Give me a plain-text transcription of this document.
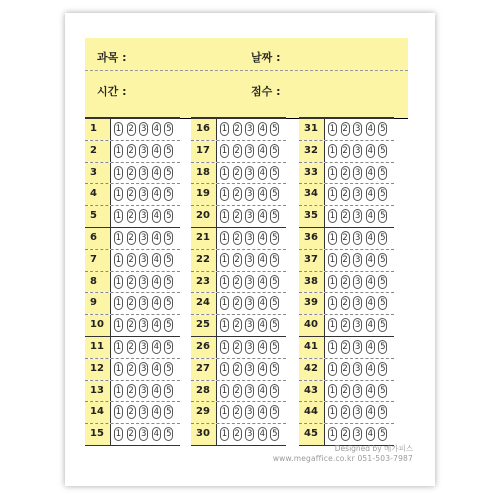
과목 :	날짜 :
시간 :	점수 :
1	1 2 3 4 5
2	1 2 3 4 5
3	1 2 3 4 5
4	1 2 3 4 5
5	1 2 3 4 5
6	1 2 3 4 5
7	1 2 3 4 5
8	1 2 3 4 5
9	1 2 3 4 5
10	1 2 3 4 5
11	1 2 3 4 5
12	1 2 3 4 5
13	1 2 3 4 5
14	1 2 3 4 5
15	1 2 3 4 5
16	1 2 3 4 5
17	1 2 3 4 5
18	1 2 3 4 5
19	1 2 3 4 5
20	1 2 3 4 5
21	1 2 3 4 5
22	1 2 3 4 5
23	1 2 3 4 5
24	1 2 3 4 5
25	1 2 3 4 5
26	1 2 3 4 5
27	1 2 3 4 5
28	1 2 3 4 5
29	1 2 3 4 5
30	1 2 3 4 5
31	1 2 3 4 5
32	1 2 3 4 5
33	1 2 3 4 5
34	1 2 3 4 5
35	1 2 3 4 5
36	1 2 3 4 5
37	1 2 3 4 5
38	1 2 3 4 5
39	1 2 3 4 5
40	1 2 3 4 5
41	1 2 3 4 5
42	1 2 3 4 5
43	1 2 3 4 5
44	1 2 3 4 5
45	1 2 3 4 5
Designed by 메가피스
www.megaffice.co.kr 051-503-7987
